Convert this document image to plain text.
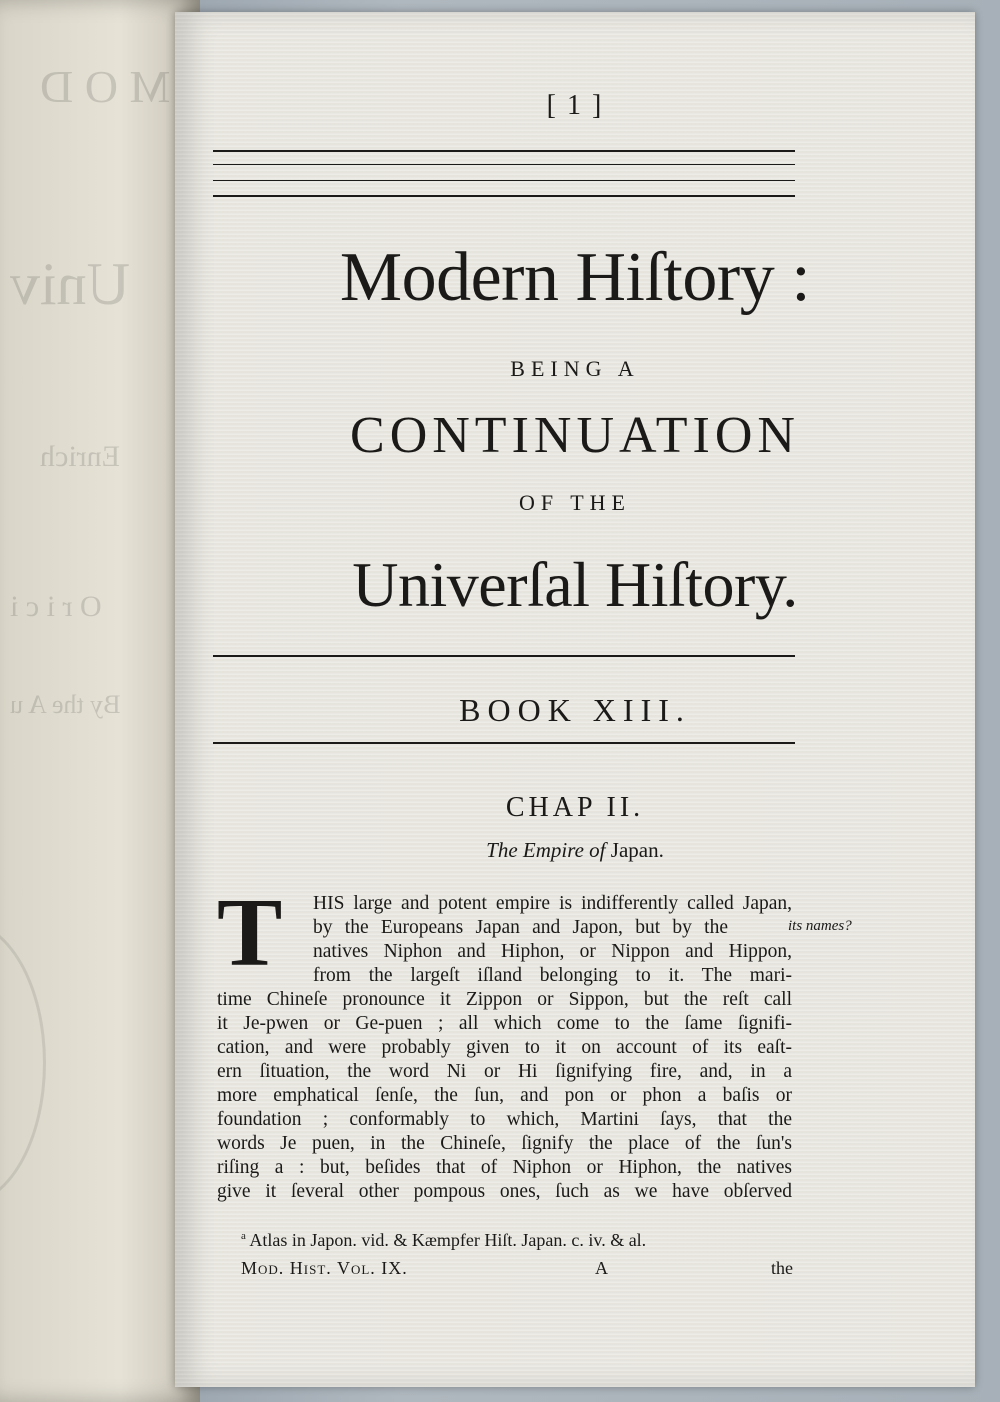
M O D
Univ
Enrich
O r i c i
By the A u
[ 1 ]
Modern Hiſtory :
BEING A
CONTINUATION
OF THE
Univerſal Hiſtory.
BOOK XIII.
CHAP II.
The Empire of Japan.
T HIS large and potent empire is indifferently called Japan,
by the Europeans Japan and Japon, but by the
natives Niphon and Hiphon, or Nippon and Hippon,
from the largeſt iſland belonging to it. The mari-
time Chineſe pronounce it Zippon or Sippon, but the reſt call
it Je-pwen or Ge-puen ; all which come to the ſame ſignifi-
cation, and were probably given to it on account of its eaſt-
ern ſituation, the word Ni or Hi ſignifying fire, and, in a
more emphatical ſenſe, the ſun, and pon or phon a baſis or
foundation ; conformably to which, Martini ſays, that the
words Je puen, in the Chineſe, ſignify the place of the ſun's
riſing a : but, beſides that of Niphon or Hiphon, the natives
give it ſeveral other pompous ones, ſuch as we have obſerved
its names?
$^a$ Atlas in Japon. vid. & Kæmpfer Hiſt. Japan. c. iv. & al.
Mod. Hist. Vol. IX.	A	the
